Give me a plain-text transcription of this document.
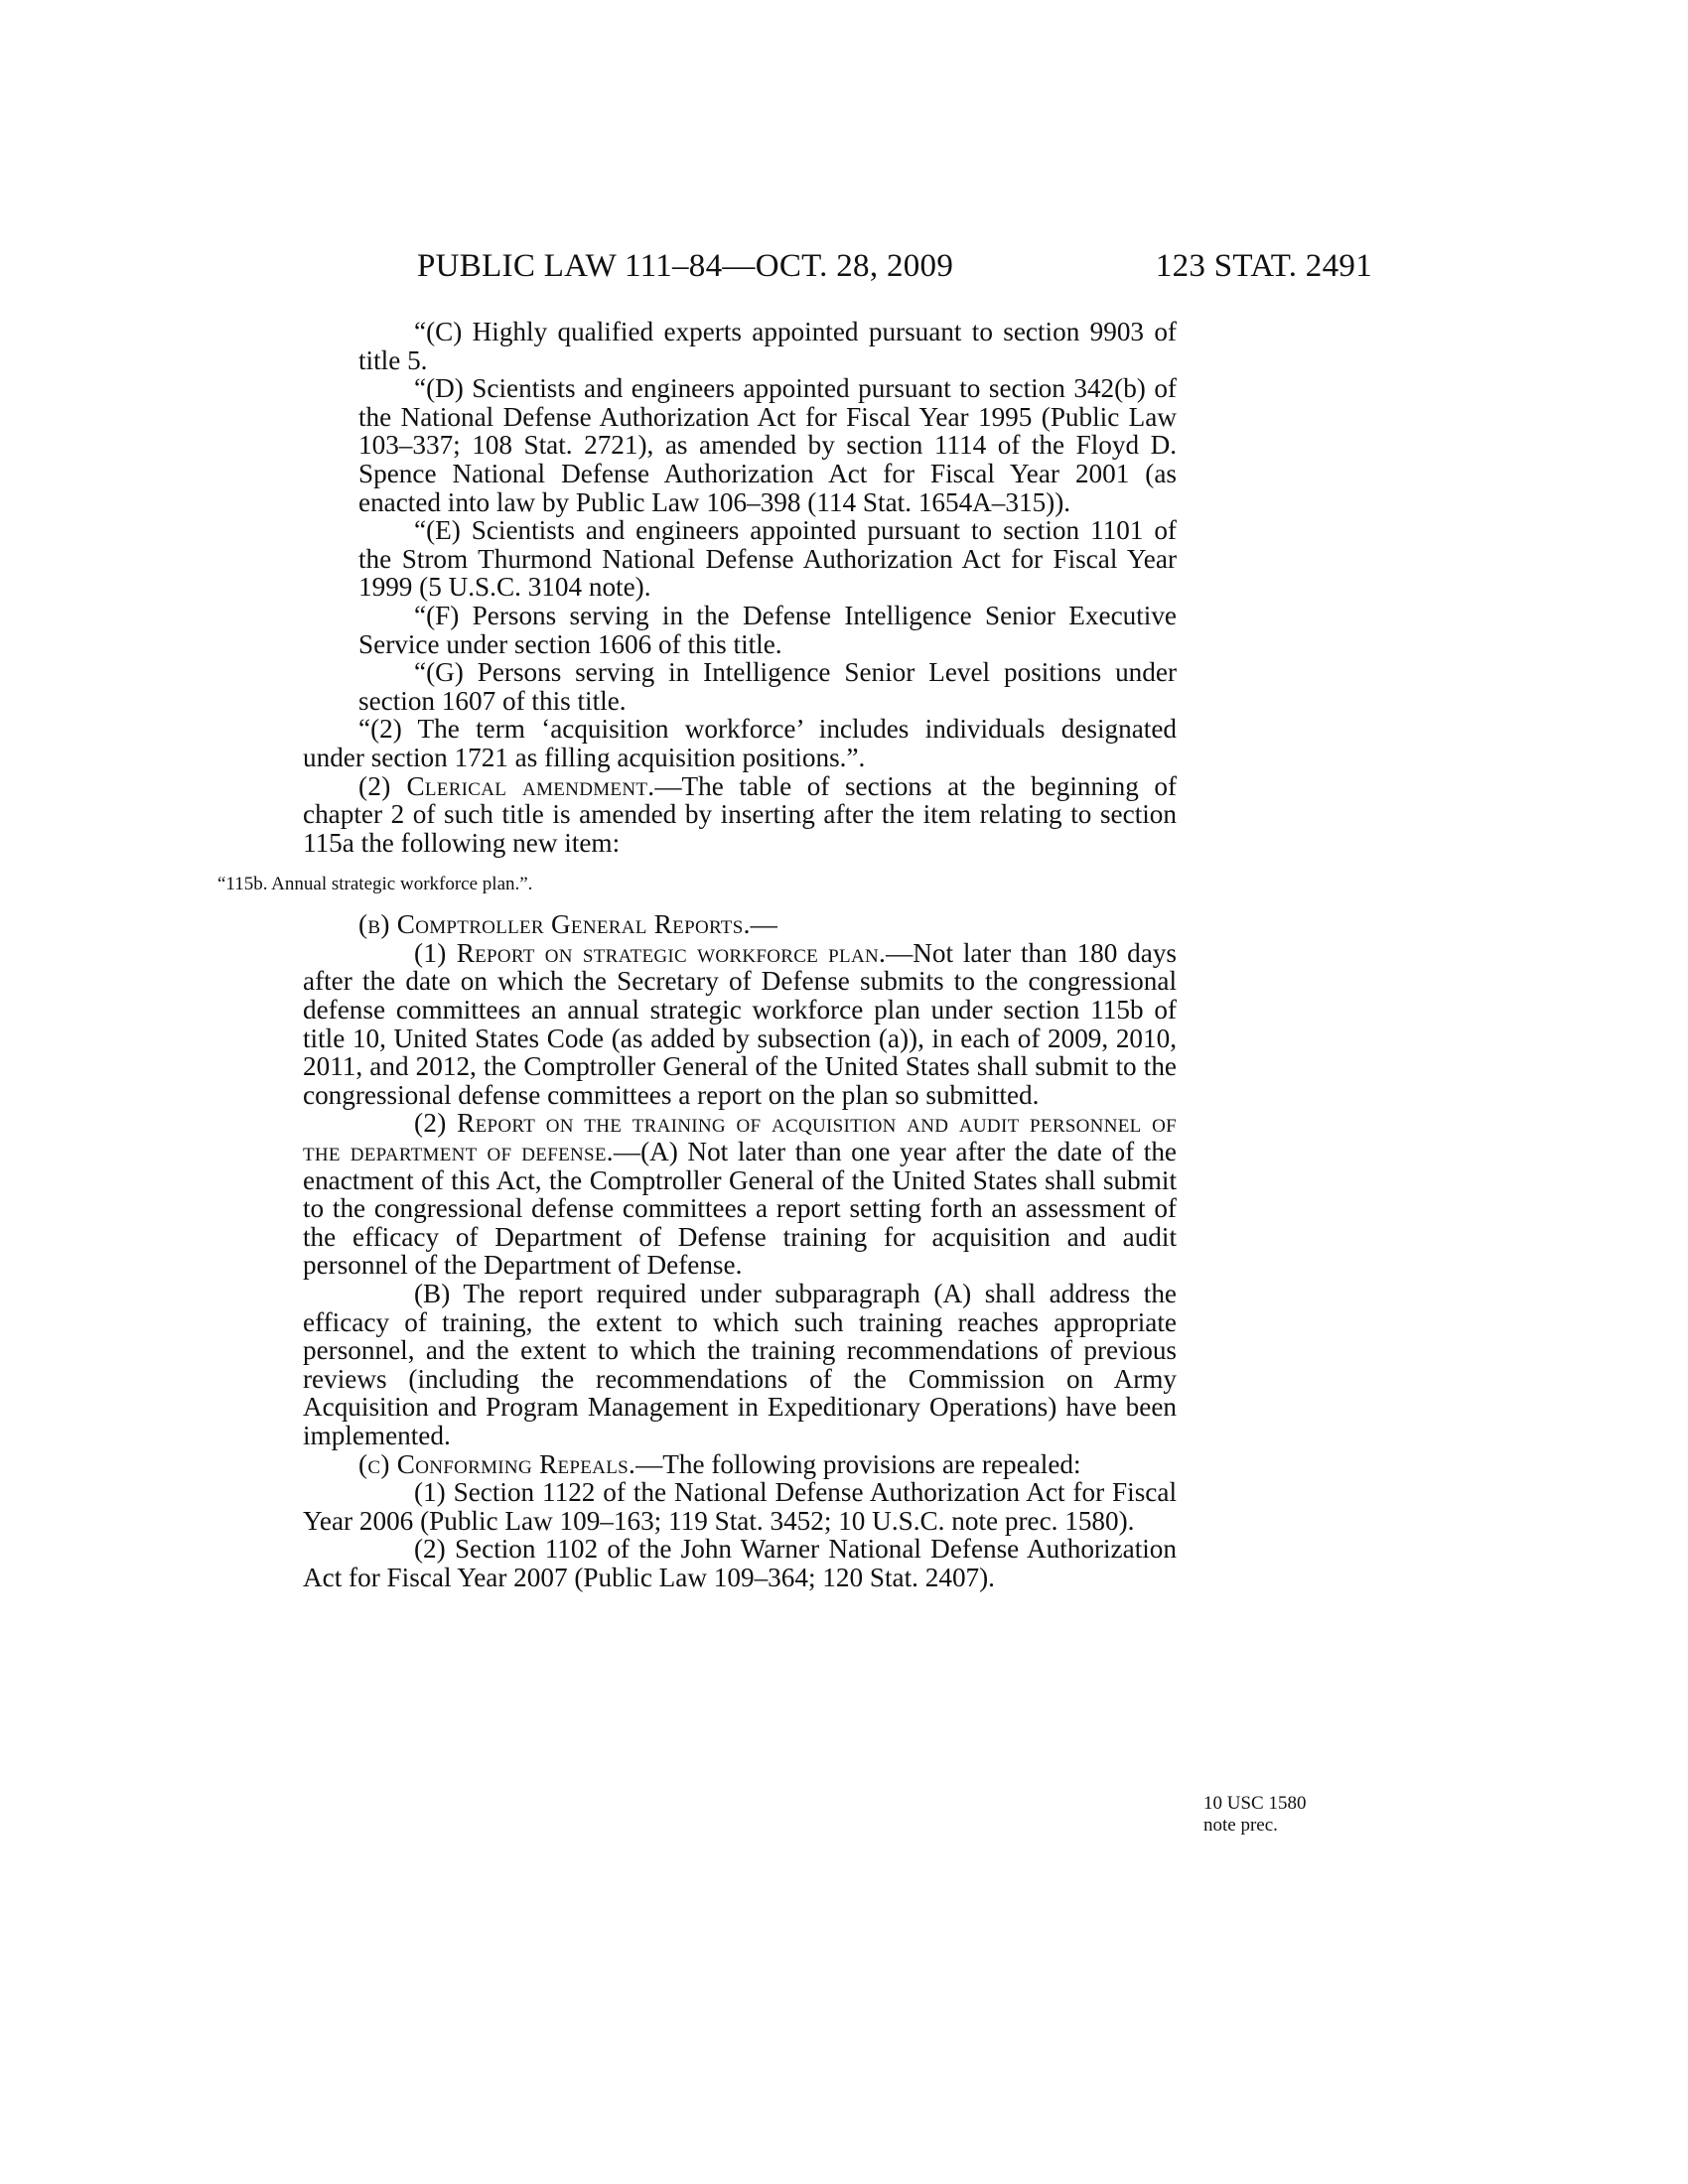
PUBLIC LAW 111–84—OCT. 28, 2009	123 STAT. 2491

“(C) Highly qualified experts appointed pursuant to section 9903 of title 5.

“(D) Scientists and engineers appointed pursuant to section 342(b) of the National Defense Authorization Act for Fiscal Year 1995 (Public Law 103–337; 108 Stat. 2721), as amended by section 1114 of the Floyd D. Spence National Defense Authorization Act for Fiscal Year 2001 (as enacted into law by Public Law 106–398 (114 Stat. 1654A–315)).

“(E) Scientists and engineers appointed pursuant to section 1101 of the Strom Thurmond National Defense Authorization Act for Fiscal Year 1999 (5 U.S.C. 3104 note).

“(F) Persons serving in the Defense Intelligence Senior Executive Service under section 1606 of this title.

“(G) Persons serving in Intelligence Senior Level positions under section 1607 of this title.

“(2) The term ‘acquisition workforce’ includes individuals designated under section 1721 as filling acquisition positions.”.

(2) Clerical amendment.—The table of sections at the beginning of chapter 2 of such title is amended by inserting after the item relating to section 115a the following new item:

“115b. Annual strategic workforce plan.”.

(b) Comptroller General Reports.—

(1) Report on strategic workforce plan.—Not later than 180 days after the date on which the Secretary of Defense submits to the congressional defense committees an annual strategic workforce plan under section 115b of title 10, United States Code (as added by subsection (a)), in each of 2009, 2010, 2011, and 2012, the Comptroller General of the United States shall submit to the congressional defense committees a report on the plan so submitted.

(2) Report on the training of acquisition and audit personnel of the department of defense.—(A) Not later than one year after the date of the enactment of this Act, the Comptroller General of the United States shall submit to the congressional defense committees a report setting forth an assessment of the efficacy of Department of Defense training for acquisition and audit personnel of the Department of Defense.

(B) The report required under subparagraph (A) shall address the efficacy of training, the extent to which such training reaches appropriate personnel, and the extent to which the training recommendations of previous reviews (including the recommendations of the Commission on Army Acquisition and Program Management in Expeditionary Operations) have been implemented.

(c) Conforming Repeals.—The following provisions are repealed:

(1) Section 1122 of the National Defense Authorization Act for Fiscal Year 2006 (Public Law 109–163; 119 Stat. 3452; 10 U.S.C. note prec. 1580).

(2) Section 1102 of the John Warner National Defense Authorization Act for Fiscal Year 2007 (Public Law 109–364; 120 Stat. 2407).

10 USC 1580
note prec.
